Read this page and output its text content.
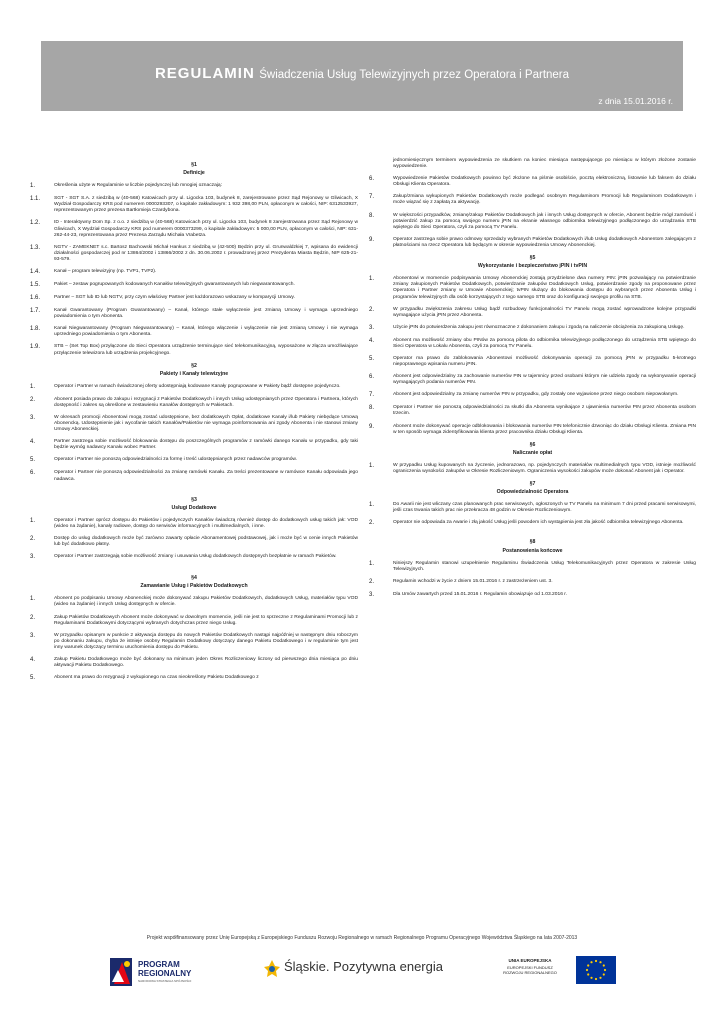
REGULAMIN Świadczenia Usług Telewizyjnych przez Operatora i Partnera
z dnia 15.01.2016 r.
§1
Definicje
1.	Określenia użyte w Regulaminie w liczbie pojedynczej lub mnogiej oznaczają:
1.1.	SGT - SGT S.A. z siedzibą w (40-568) Katowicach przy ul. Ligocka 103, budynek 8, zarejestrowane przez Sąd Rejonowy w Gliwicach, X Wydział Gospodarczy KRS pod numerem 0000293307, o kapitale zakładowym: 1 932 398,00 PLN, opłaconym w całości, NIP: 6312533927, reprezentowanym przez prezesa Bartłomieja Czardybona.
1.2.	ID - Interaktywny Dom Sp. z o.o. z siedzibą w (40-568) Katowicach przy ul. Ligocka 103, budynek 8 zarejestrowana przez Sąd Rejonowy w Gliwicach, X Wydział Gospodarczy KRS pod numerem 0000373299, o kapitale zakładowym: 5 000,00 PLN, opłaconym w całości, NIP: 631-262-44-23, reprezentowana przez Prezesa Zarządu Michała Vrabetza.
1.3.	NGTV - ZAMEKNET s.c. Bartosz Bachowski Michał Hankus z siedzibą w (42-500) Będzin przy ul. Grunwaldzkiej 7, wpisana do ewidencji działalności gospodarczej pod nr 13864/2002 i 13866/2002 z dn. 30.06.2002 r. prowadzonej przez Prezydenta Miasta Będzin, NIP 625-21-93-579.
1.4.	Kanał – program telewizyjny (np. TVP1, TVP2).
1.5.	Pakiet – zestaw pogrupowanych kodowanych Kanałów telewizyjnych gwarantowanych lub niegwarantowanych.
1.6.	Partner – SGT lub ID lub NGTV, przy czym właściwy Partner jest każdorazowo wskazany w komparycji Umowy.
1.7.	Kanał Gwarantowany (Program Gwarantowany) – Kanał, którego stałe wyłączenie jest zmianą Umowy i wymaga uprzedniego powiadomienia o tym Abonenta.
1.8.	Kanał Niegwarantowany (Program Niegwarantowany) – Kanał, którego włączenie i wyłączenie nie jest zmianą Umowy i nie wymaga uprzedniego powiadomienia o tym Abonenta.
1.9.	STB – (Set Top Box) przyłączone do Sieci Operatora urządzenie terminujące sieć telekomunikacyjną, wyposażone w złącza umożliwiające przyłączenie telewizora lub urządzenia projekcyjnego.
§2
Pakiety i Kanały telewizyjne
1.	Operator i Partner w ramach świadczonej oferty udostępniają kodowane Kanały pogrupowane w Pakiety bądź dostępne pojedynczo.
2.	Abonent posiada prawo do zakupu i rezygnacji z Pakietów Dodatkowych i innych Usług udostępnianych przez Operatora i Partnera, których dostępność i zakres są określone w zestawieniu Kanałów dostępnych w Pakietach.
3.	W okresach promocji Abonentowi mogą zostać udostępnione, bez dodatkowych Opłat, dodatkowe Kanały i/lub Pakiety niebędące Umową Abonencką. Udostępnienie jak i wycofanie takich Kanałów/Pakietów nie wymaga poinformowania ani zgody Abonenta i nie stanowi zmiany Umowy Abonenckiej.
4.	Partner zastrzega sobie możliwość blokowania dostępu do poszczególnych programów z ramówki danego Kanału w przypadku, gdy taki będzie wymóg nadawcy Kanału wobec Partner.
5.	Operator i Partner nie ponoszą odpowiedzialności za formę i treść udostępnianych przez nadawców programów.
6.	Operator i Partner nie ponoszą odpowiedzialności za zmianę ramówki Kanału. Za treści prezentowane w ramówce Kanału odpowiada jego nadawca.
§3
Usługi Dodatkowe
1.	Operator i Partner oprócz dostępu do Pakietów i pojedynczych Kanałów świadczą również dostęp do dodatkowych usług takich jak: VOD (wideo na żądanie), kanały radiowe, dostęp do serwisów informacyjnych i multimedialnych, i inne.
2.	Dostęp do usług dodatkowych może być zarówno zawarty opłacie Abonamentowej podstawowej, jak i może być w cenie innych Pakietów lub być dodatkowo płatny.
3.	Operator i Partner zastrzegają sobie możliwość zmiany i usuwania Usług dodatkowych dostępnych bezpłatnie w ramach Pakietów.
§4
Zamawianie Usług i Pakietów Dodatkowych
1.	Abonent po podpisaniu Umowy Abonenckiej może dokonywać zakupu Pakietów Dodatkowych, dodatkowych Usług, materiałów typu VOD (wideo na żądanie) i innych Usług dostępnych w ofercie.
2.	Zakup Pakietów Dodatkowych Abonent może dokonywać w dowolnym momencie, jeśli nie jest to sprzeczne z Regulaminami Promocji lub z Regulaminami Dodatkowymi dotyczącymi wybranych dotychczas przez niego Usług.
3.	W przypadku opisanym w punkcie 2 aktywacja dostępu do nowych Pakietów Dodatkowych nastąpi najpóźniej w następnym dniu roboczym po dokonaniu zakupu, chyba że istnieje osobny Regulamin Dodatkowy dotyczący danego Pakietu Dodatkowego i w regulaminie tym jest inny warunek dotyczący terminu uruchomienia dostępu do Pakietu.
4.	Zakup Pakietu Dodatkowego może być dokonany na minimum jeden Okres Rozliczeniowy liczony od pierwszego dnia miesiąca po dniu aktywacji Pakietu Dodatkowego.
5.	Abonent ma prawo do rezygnacji z wykupionego na czas nieokreślony Pakietu Dodatkowego z
jednomiesięcznym terminem wypowiedzenia ze skutkiem na koniec miesiąca następującego po miesiącu w którym złożone zostanie wypowiedzenie.
6.	Wypowiedzenie Pakietów Dodatkowych powinno być złożone na piśmie osobiście, pocztą elektroniczną, listownie lub faksem do działu Obsługi Klienta Operatora.
7.	Zakup/zmiana wykupionych Pakietów Dodatkowych może podlegać osobnym Regulaminom Promocji lub Regulaminom Dodatkowym i może wiązać się z zapłatą za aktywację.
8.	W większości przypadków, zmianę/zakup Pakietów Dodatkowych jak i innych Usług dostępnych w ofercie, Abonent będzie mógł zamówić i potwierdzić zakup za pomocą swojego numeru jPIN na ekranie własnego odbiornika telewizyjnego podłączonego do urządzania STB wpiętego do Sieci Operatora, czyli za pomocą TV Panelu.
9.	Operator zastrzega sobie prawo odmowy sprzedaży wybranych Pakietów Dodatkowych i/lub Usług dodatkowych Abonentom zalegającym z płatnościami na rzecz Operatora lub będącym w okresie wypowiedzenia Umowy Abonenckiej.
§5
Wykorzystanie i bezpieczeństwo jPIN i tvPIN
1.	Abonentowi w momencie podpisywania Umowy Abonenckiej zostają przydzielone dwa numery PIN: jPIN pozwalający na potwierdzanie zmiany zakupionych Pakietów Dodatkowych, potwierdzanie zakupów Dodatkowych Usług, potwierdzanie zgody na proponowane przez Operatora i Partner zmiany w Umowie Abonenckiej; tvPIN służący do blokowania dostępu do wybranych przez Abonenta Usług i programów telewizyjnych dla osób korzystających z tego samego STB oraz do konfiguracji swojego profilu na STB.
2.	W przypadku zwiększenia zakresu Usług bądź rozbudowy funkcjonalności TV Panelu mogą zostać wprowadzone kolejne przypadki wymagające użycia jPIN przez Abonenta.
3.	Użycie jPIN do potwierdzenia zakupu jest równoznaczne z dokonaniem zakupu i zgodą na naliczenie obciążenia za zakupioną Usługę.
4.	Abonent ma możliwość zmiany obu PINów za pomocą pilota do odbiornika telewizyjnego podłączonego do urządzenia STB wpiętego do Sieci Operatora w Lokalu Abonenta, czyli za pomocą TV Panelu.
5.	Operator ma prawo do zablokowania Abonentowi możliwość dokonywania operacji za pomocą jPIN w przypadku 5-krotnego niepoprawnego wpisania numeru jPIN.
6.	Abonent jest odpowiedzialny za zachowanie numerów PIN w tajemnicy przed osobami którym nie udziela zgody na wykonywanie operacji wymagających podania numerów PIN.
7.	Abonent jest odpowiedzialny za zmianę numerów PIN w przypadku, gdy zostały one wyjawione przez niego osobom niepowołanym.
8.	Operator i Partner nie ponoszą odpowiedzialności za skutki dla Abonenta wynikające z ujawnienia numerów PIN przez Abonenta osobom trzecim.
9.	Abonent może dokonywać operacje odblokowania i blokowania numerów PIN telefonicznie dzwoniąc do działu Obsługi Klienta. Zmiana PIN w ten sposób wymaga zidentyfikowania klienta przez pracownika działu Obsługi Klienta.
§6
Naliczanie opłat
1.	W przypadku Usług kupowanych na życzenie, jednorazowo, np. pojedynczych materiałów multimedialnych typu VOD, istnieje możliwość ograniczenia wysokości zakupów w Okresie Rozliczeniowym. Ograniczenia wysokości zakupów może dokonać Abonent jak i Operator.
§7
Odpowiedzialność Operatora
1.	Do Awarii nie jest wliczany czas planowanych prac serwisowych, ogłoszonych w TV Panelu na minimum 7 dni przed pracami serwisowymi, jeśli czas trwania takich prac nie przekracza 48 godzin w Okresie Rozliczeniowym.
2.	Operator nie odpowiada za Awarie i złą jakość Usług jeśli powodem ich wystąpienia jest zła jakość odbiornika telewizyjnego Abonenta.
§8
Postanowienia końcowe
1.	Niniejszy Regulamin stanowi uzupełnienie Regulaminu Świadczenia Usług Telekomunikacyjnych przez Operatora w zakresie Usług Telewizyjnych.
2.	Regulamin wchodzi w życie z dniem 15.01.2016 r. z zastrzeżeniem ust. 3.
3.	Dla Umów zawartych przed 15.01.2016 r. Regulamin obowiązuje od 1.03.2016 r.
Projekt współfinansowany przez Unię Europejską z Europejskiego Funduszu Rozwoju Regionalnego w ramach Regionalnego Programu Operacyjnego Województwa Śląskiego na lata 2007-2013
PROGRAM
REGIONALNY
NARODOWA STRATEGIA SPÓJNOŚCI
Śląskie. Pozytywna energia	UNIA EUROPEJSKA
EUROPEJSKI FUNDUSZ
ROZWOJU REGIONALNEGO
